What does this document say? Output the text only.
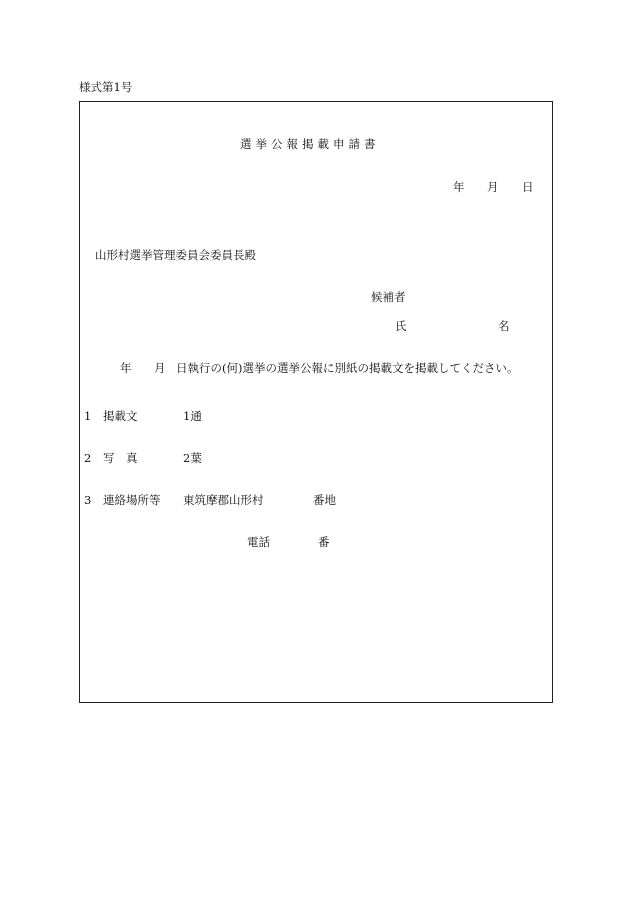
様式第1号
選挙公報掲載申請書
年 月 日
山形村選挙管理委員会委員長殿
候補者
氏	名
年 月 日執行の(何)選挙の選挙公報に別紙の掲載文を掲載してください。
1 掲載文	1通
2 写　真	2葉
3 連絡場所等 東筑摩郡山形村	番地
電話	番
